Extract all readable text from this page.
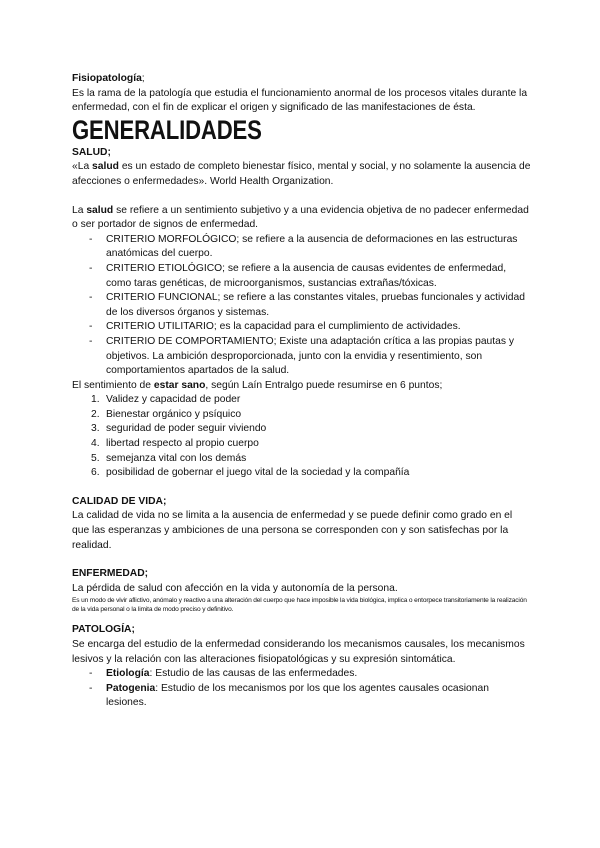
Fisiopatología;

Es la rama de la patología que estudia el funcionamiento anormal de los procesos vitales durante la enfermedad, con el fin de explicar el origen y significado de las manifestaciones de ésta.

GENERALIDADES

SALUD;

«La salud es un estado de completo bienestar físico, mental y social, y no solamente la ausencia de afecciones o enfermedades». World Health Organization.

La salud se refiere a un sentimiento subjetivo y a una evidencia objetiva de no padecer enfermedad o ser portador de signos de enfermedad.

- CRITERIO MORFOLÓGICO; se refiere a la ausencia de deformaciones en las estructuras anatómicas del cuerpo.
- CRITERIO ETIOLÓGICO; se refiere a la ausencia de causas evidentes de enfermedad, como taras genéticas, de microorganismos, sustancias extrañas/tóxicas.
- CRITERIO FUNCIONAL; se refiere a las constantes vitales, pruebas funcionales y actividad de los diversos órganos y sistemas.
- CRITERIO UTILITARIO; es la capacidad para el cumplimiento de actividades.
- CRITERIO DE COMPORTAMIENTO; Existe una adaptación crítica a las propias pautas y objetivos. La ambición desproporcionada, junto con la envidia y resentimiento, son comportamientos apartados de la salud.

El sentimiento de estar sano, según Laín Entralgo puede resumirse en 6 puntos;

1. Validez y capacidad de poder
2. Bienestar orgánico y psíquico
3. seguridad de poder seguir viviendo
4. libertad respecto al propio cuerpo
5. semejanza vital con los demás
6. posibilidad de gobernar el juego vital de la sociedad y la compañía

CALIDAD DE VIDA;

La calidad de vida no se limita a la ausencia de enfermedad y se puede definir como grado en el que las esperanzas y ambiciones de una persona se corresponden con y son satisfechas por la realidad.

ENFERMEDAD;

La pérdida de salud con afección en la vida y autonomía de la persona.

Es un modo de vivir aflictivo, anómalo y reactivo a una alteración del cuerpo que hace imposible la vida biológica, implica o entorpece transitoriamente la realización de la vida personal o la limita de modo preciso y definitivo.

PATOLOGÍA;

Se encarga del estudio de la enfermedad considerando los mecanismos causales, los mecanismos lesivos y la relación con las alteraciones fisiopatológicas y su expresión sintomática.

- Etiología: Estudio de las causas de las enfermedades.
- Patogenia: Estudio de los mecanismos por los que los agentes causales ocasionan lesiones.
